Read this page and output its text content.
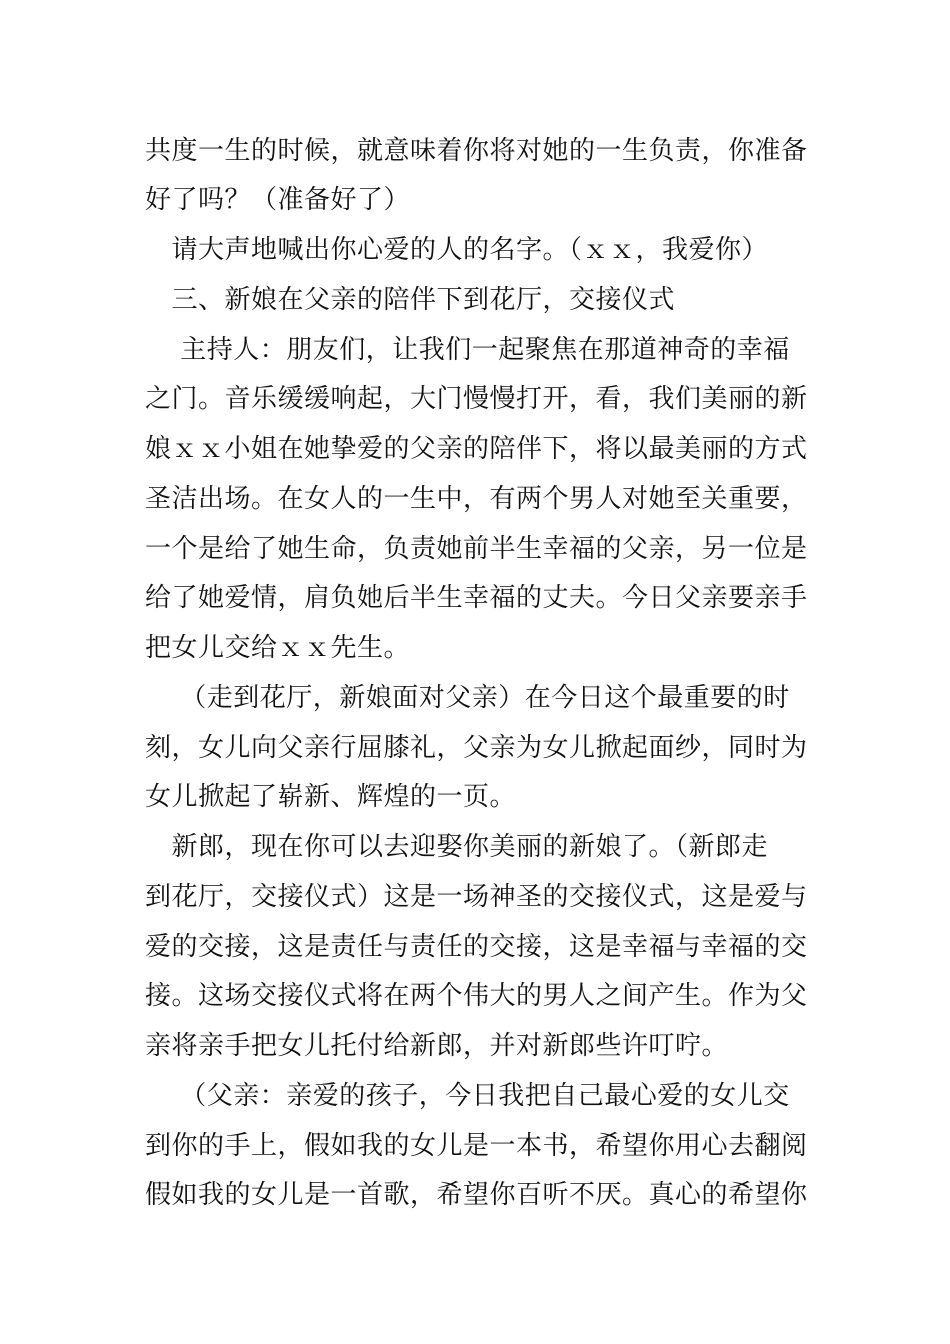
共度一生的时候，就意味着你将对她的一生负责，你准备
好了吗？（准备好了）
　请大声地喊出你心爱的人的名字。（ｘｘ，我爱你）
　三、新娘在父亲的陪伴下到花厅，交接仪式
　 主持人：朋友们，让我们一起聚焦在那道神奇的幸福
之门。音乐缓缓响起，大门慢慢打开，看，我们美丽的新
娘ｘｘ小姐在她挚爱的父亲的陪伴下，将以最美丽的方式
圣洁出场。在女人的一生中，有两个男人对她至关重要，
一个是给了她生命，负责她前半生幸福的父亲，另一位是
给了她爱情，肩负她后半生幸福的丈夫。今日父亲要亲手
把女儿交给ｘｘ先生。
　 （走到花厅，新娘面对父亲）在今日这个最重要的时
刻，女儿向父亲行屈膝礼，父亲为女儿掀起面纱，同时为
女儿掀起了崭新、辉煌的一页。
　新郎，现在你可以去迎娶你美丽的新娘了。（新郎走
到花厅，交接仪式）这是一场神圣的交接仪式，这是爱与
爱的交接，这是责任与责任的交接，这是幸福与幸福的交
接。这场交接仪式将在两个伟大的男人之间产生。作为父
亲将亲手把女儿托付给新郎，并对新郎些许叮咛。
　 （父亲：亲爱的孩子，今日我把自己最心爱的女儿交
到你的手上，假如我的女儿是一本书，希望你用心去翻阅
假如我的女儿是一首歌，希望你百听不厌。真心的希望你
